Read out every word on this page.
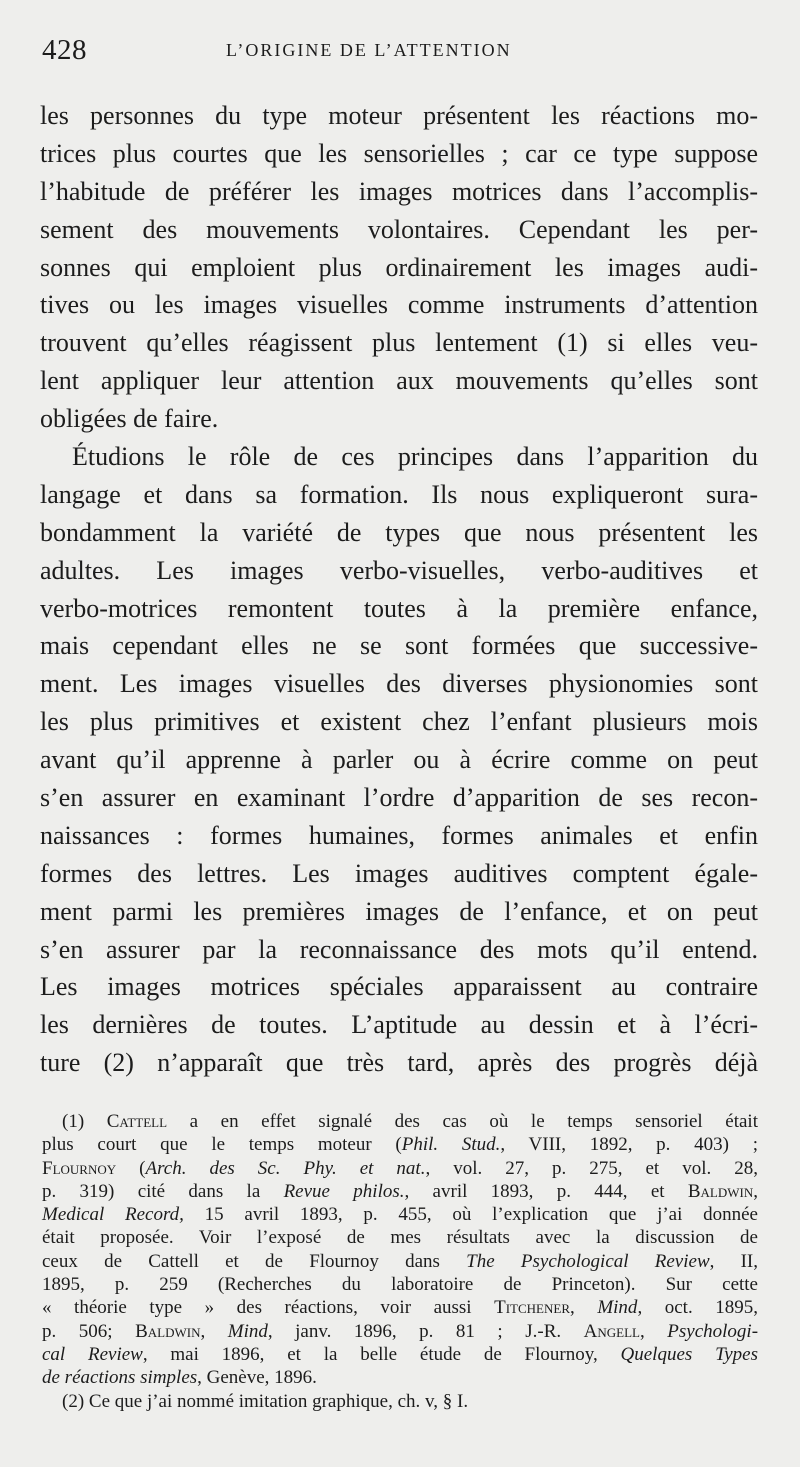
428	L’ORIGINE DE L’ATTENTION
les personnes du type moteur présentent les réactions mo-
trices plus courtes que les sensorielles ; car ce type suppose
l’habitude de préférer les images motrices dans l’accomplis-
sement des mouvements volontaires. Cependant les per-
sonnes qui emploient plus ordinairement les images audi-
tives ou les images visuelles comme instruments d’attention
trouvent qu’elles réagissent plus lentement (1) si elles veu-
lent appliquer leur attention aux mouvements qu’elles sont
obligées de faire.
Étudions le rôle de ces principes dans l’apparition du
langage et dans sa formation. Ils nous expliqueront sura-
bondamment la variété de types que nous présentent les
adultes. Les images verbo-visuelles, verbo-auditives et
verbo-motrices remontent toutes à la première enfance,
mais cependant elles ne se sont formées que successive-
ment. Les images visuelles des diverses physionomies sont
les plus primitives et existent chez l’enfant plusieurs mois
avant qu’il apprenne à parler ou à écrire comme on peut
s’en assurer en examinant l’ordre d’apparition de ses recon-
naissances : formes humaines, formes animales et enfin
formes des lettres. Les images auditives comptent égale-
ment parmi les premières images de l’enfance, et on peut
s’en assurer par la reconnaissance des mots qu’il entend.
Les images motrices spéciales apparaissent au contraire
les dernières de toutes. L’aptitude au dessin et à l’écri-
ture (2) n’apparaît que très tard, après des progrès déjà
(1) Cattell a en effet signalé des cas où le temps sensoriel était
plus court que le temps moteur (Phil. Stud., VIII, 1892, p. 403) ;
Flournoy (Arch. des Sc. Phy. et nat., vol. 27, p. 275, et vol. 28,
p. 319) cité dans la Revue philos., avril 1893, p. 444, et Baldwin,
Medical Record, 15 avril 1893, p. 455, où l’explication que j’ai donnée
était proposée. Voir l’exposé de mes résultats avec la discussion de
ceux de Cattell et de Flournoy dans The Psychological Review, II,
1895, p. 259 (Recherches du laboratoire de Princeton). Sur cette
« théorie type » des réactions, voir aussi Titchener, Mind, oct. 1895,
p. 506; Baldwin, Mind, janv. 1896, p. 81 ; J.-R. Angell, Psychologi-
cal Review, mai 1896, et la belle étude de Flournoy, Quelques Types
de réactions simples, Genève, 1896.
(2) Ce que j’ai nommé imitation graphique, ch. v, § I.
